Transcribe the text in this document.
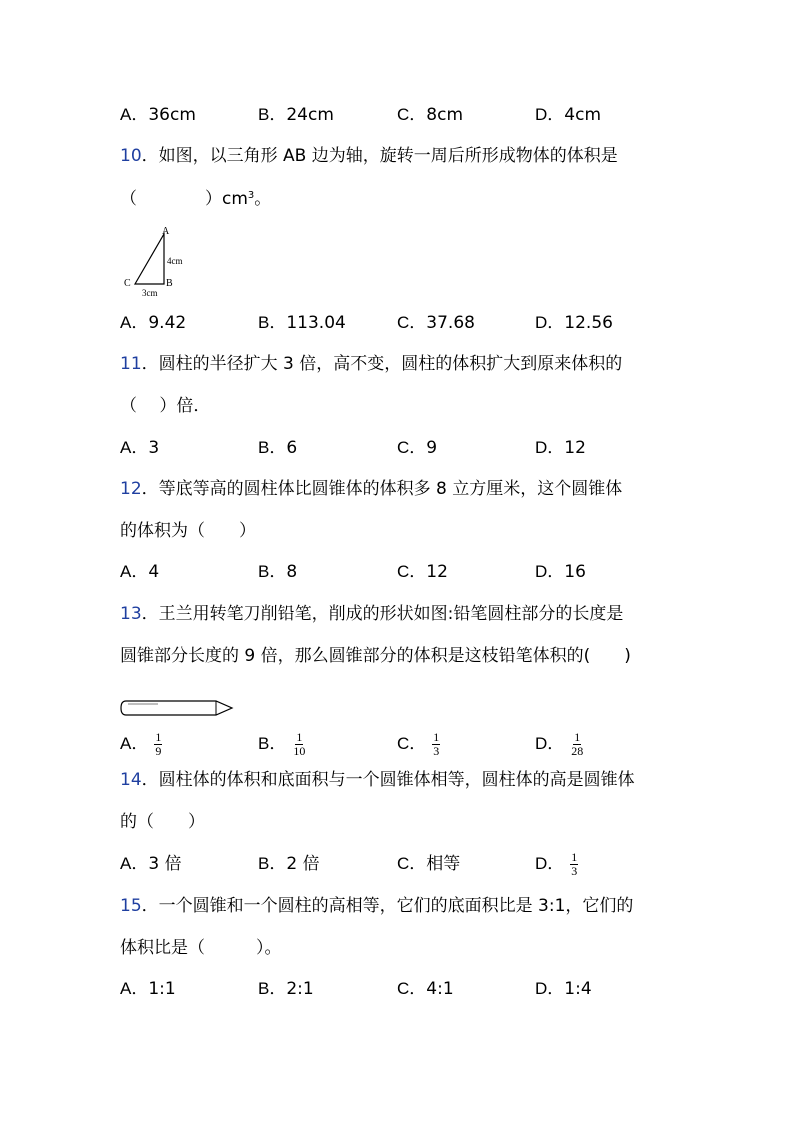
A． 36cm	B． 24cm	C． 8cm	D． 4cm
10．如图，以三角形 AB 边为轴，旋转一周后所形成物体的体积是
（　　　　）$cm^3$。
A
B
C
4cm
3cm
A． 9.42	B． 113.04	C． 37.68	D． 12.56
11．圆柱的半径扩大 3 倍，高不变，圆柱的体积扩大到原来体积的
（　 ）倍．
A． 3	B． 6	C． 9	D． 12
12．等底等高的圆柱体比圆锥体的体积多 8 立方厘米，这个圆锥体
的体积为（　　）
A． 4	B． 8	C． 12	D． 16
13．王兰用转笔刀削铅笔，削成的形状如图:铅笔圆柱部分的长度是
圆锥部分长度的 9 倍，那么圆锥部分的体积是这枝铅笔体积的(　　)
A． $\frac{1}{9}$	B． $\frac{1}{10}$	C． $\frac{1}{3}$	D． $\frac{1}{28}$
14．圆柱体的体积和底面积与一个圆锥体相等，圆柱体的高是圆锥体
的（　　）
A． 3 倍	B． 2 倍	C． 相等	D． $\frac{1}{3}$
15．一个圆锥和一个圆柱的高相等，它们的底面积比是 3:1，它们的
体积比是（　　　）。
A． 1:1	B． 2:1	C． 4:1	D． 1:4
